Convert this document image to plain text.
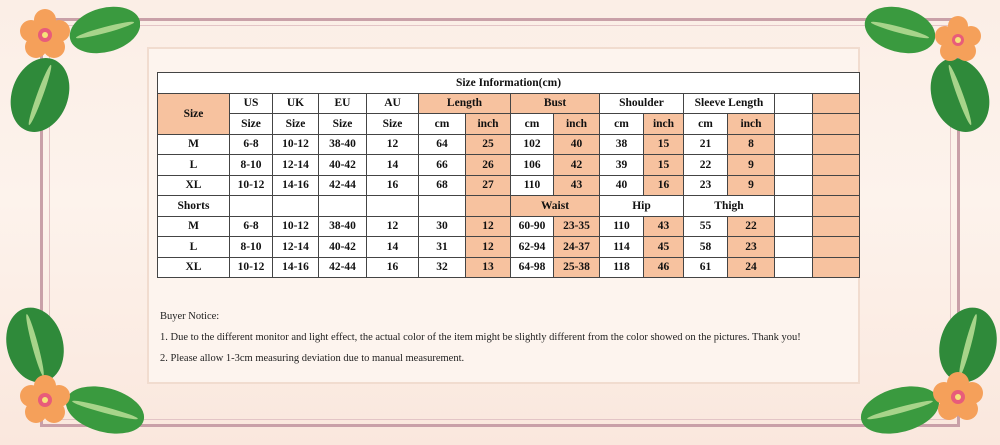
Size Information(cm)														
Size	US	UK	EU	AU	Length		Bust		Shoulder		Sleeve Length			
	Size	Size	Size	Size	cm	inch	cm	inch	cm	inch	cm	inch		
M	6-8	10-12	38-40	12	64	25	102	40	38	15	21	8		
L	8-10	12-14	40-42	14	66	26	106	42	39	15	22	9		
XL	10-12	14-16	42-44	16	68	27	110	43	40	16	23	9		
Shorts							Waist		Hip		Thigh			
M	6-8	10-12	38-40	12	30	12	60-90	23-35	110	43	55	22		
L	8-10	12-14	40-42	14	31	12	62-94	24-37	114	45	58	23		
XL	10-12	14-16	42-44	16	32	13	64-98	25-38	118	46	61	24		
Buyer Notice:
1. Due to the different monitor and light effect, the actual color of the item might be slightly different from the color showed on the pictures. Thank you!
2. Please allow 1-3cm measuring deviation due to manual measurement.
